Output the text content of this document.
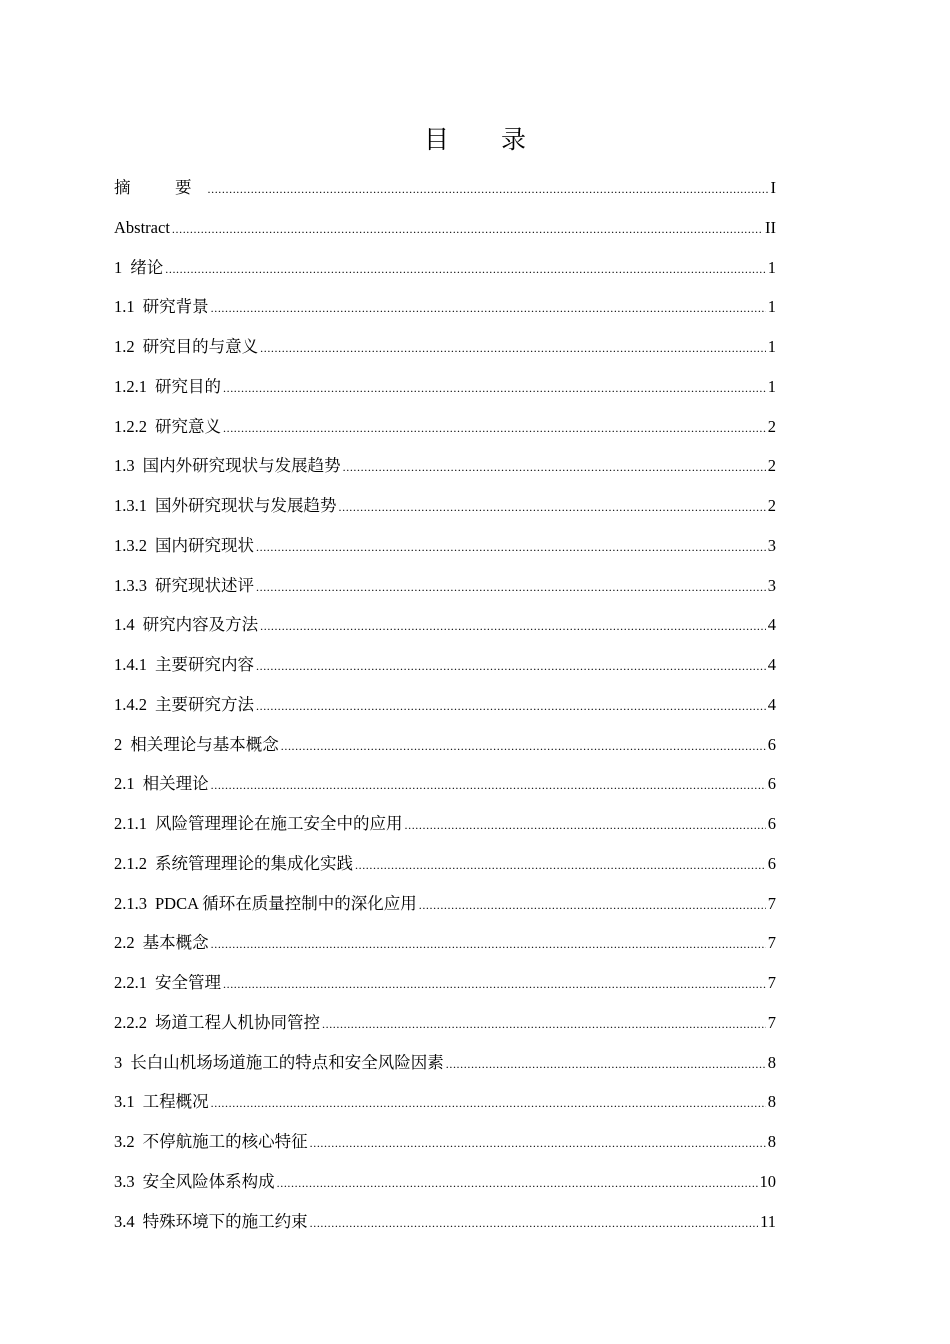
目 录
摘　要 .....	I
Abstract .....	II
1 绪论 .....	1
1.1 研究背景 .....	1
1.2 研究目的与意义 .....	1
1.2.1 研究目的 .....	1
1.2.2 研究意义 .....	2
1.3 国内外研究现状与发展趋势 .....	2
1.3.1 国外研究现状与发展趋势 .....	2
1.3.2 国内研究现状 .....	3
1.3.3 研究现状述评 .....	3
1.4 研究内容及方法 .....	4
1.4.1 主要研究内容 .....	4
1.4.2 主要研究方法 .....	4
2 相关理论与基本概念 .....	6
2.1 相关理论 .....	6
2.1.1 风险管理理论在施工安全中的应用 .....	6
2.1.2 系统管理理论的集成化实践 .....	6
2.1.3 PDCA 循环在质量控制中的深化应用 .....	7
2.2 基本概念 .....	7
2.2.1 安全管理 .....	7
2.2.2 场道工程人机协同管控 .....	7
3 长白山机场场道施工的特点和安全风险因素 .....	8
3.1 工程概况 .....	8
3.2 不停航施工的核心特征 .....	8
3.3 安全风险体系构成 .....	10
3.4 特殊环境下的施工约束 .....	11
